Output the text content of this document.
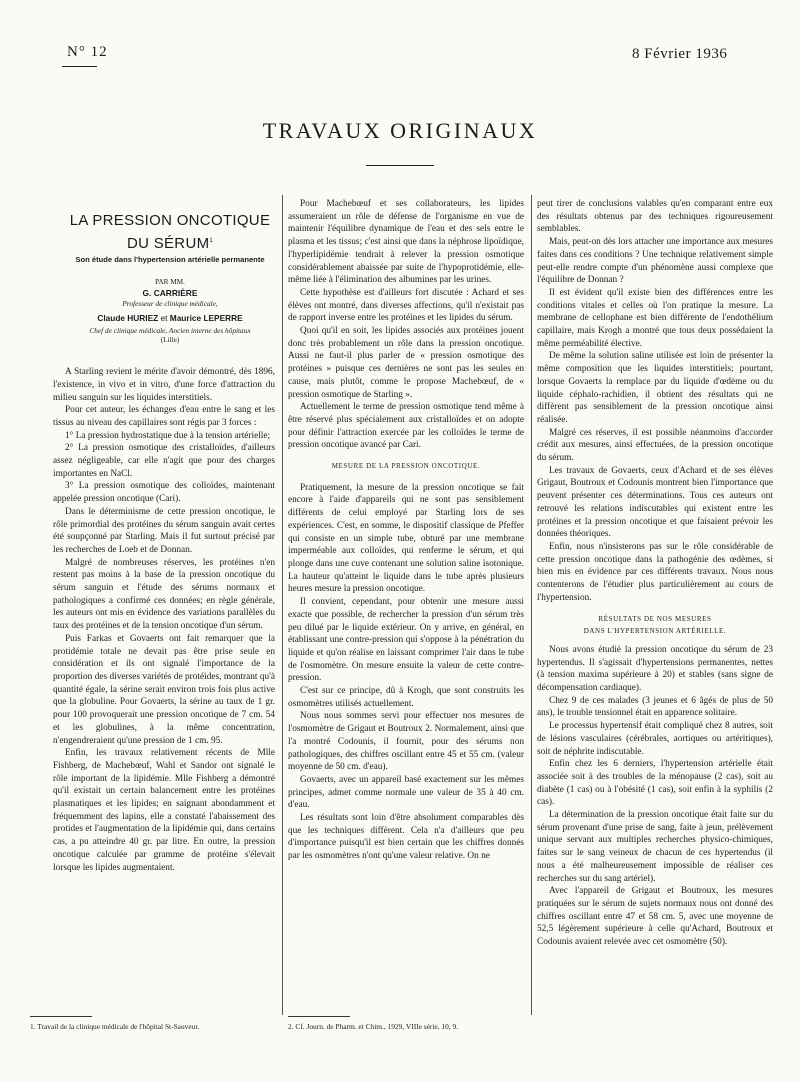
N° 12	8 Février 1936
TRAVAUX ORIGINAUX

LA PRESSION ONCOTIQUE

DU SÉRUM$^1$

Son étude dans l'hypertension artérielle permanente

PAR MM.

G. CARRIÈRE

Professeur de clinique médicale,

Claude HURIEZ et Maurice LEPERRE

Chef de clinique médicale, Ancien interne des hôpitaux

(Lille)

A Starling revient le mérite d'avoir démontré, dès 1896, l'existence, in vivo et in vitro, d'une force d'attraction du milieu sanguin sur les liquides interstitiels.

Pour cet auteur, les échanges d'eau entre le sang et les tissus au niveau des capillaires sont régis par 3 forces :

1° La pression hydrostatique due à la tension artérielle;

2° La pression osmotique des cristalloïdes, d'ailleurs assez négligeable, car elle n'agit que pour des charges importantes en NaCl.

3° La pression osmotique des colloïdes, maintenant appelée pression oncotique (Cari).

Dans le déterminisme de cette pression oncotique, le rôle primordial des protéines du sérum sanguin avait certes été soupçonné par Starling. Mais il fut surtout précisé par les recherches de Loeb et de Donnan.

Malgré de nombreuses réserves, les protéines n'en restent pas moins à la base de la pression oncotique du sérum sanguin et l'étude des sérums normaux et pathologiques a confirmé ces données; en règle générale, les auteurs ont mis en évidence des variations parallèles du taux des protéines et de la tension oncotique d'un sérum.

Puis Farkas et Govaerts ont fait remarquer que la protidémie totale ne devait pas être prise seule en considération et ils ont signalé l'importance de la proportion des diverses variétés de protéides, montrant qu'à quantité égale, la sérine serait environ trois fois plus active que la globuline. Pour Govaerts, la sérine au taux de 1 gr. pour 100 provoquerait une pression oncotique de 7 cm. 54 et les globulines, à la même concentration, n'engendreraient qu'une pression de 1 cm. 95.

Enfin, les travaux relativement récents de Mlle Fishberg, de Machebœuf, Wahl et Sandor ont signalé le rôle important de la lipidémie. Mlle Fishberg a démontré qu'il existait un certain balancement entre les protéines plasmatiques et les lipides; en saignant abondamment et fréquemment des lapins, elle a constaté l'abaissement des protides et l'augmentation de la lipidémie qui, dans certains cas, a pu atteindre 40 gr. par litre. En outre, la pression oncotique calculée par gramme de protéine s'élevait lorsque les lipides augmentaient.

1. Travail de la clinique médicale de l'hôpital St-Sauveur.

Pour Machebœuf et ses collaborateurs, les lipides assumeraient un rôle de défense de l'organisme en vue de maintenir l'équilibre dynamique de l'eau et des sels entre le plasma et les tissus; c'est ainsi que dans la néphrose lipoïdique, l'hyperlipidémie tendrait à relever la pression osmotique considérablement abaissée par suite de l'hypoprotidémie, elle-même liée à l'élimination des albumines par les urines.

Cette hypothèse est d'ailleurs fort discutée : Achard et ses élèves ont montré, dans diverses affections, qu'il n'existait pas de rapport inverse entre les protéines et les lipides du sérum.

Quoi qu'il en soit, les lipides associés aux protéines jouent donc très probablement un rôle dans la pression oncotique. Aussi ne faut-il plus parler de « pression osmotique des protéines » puisque ces dernières ne sont pas les seules en cause, mais plutôt, comme le propose Machebœuf, de « pression osmotique de Starling ».

Actuellement le terme de pression osmotique tend même à être réservé plus spécialement aux cristalloïdes et on adopte pour définir l'attraction exercée par les colloïdes le terme de pression oncotique avancé par Cari.

MESURE DE LA PRESSION ONCOTIQUE.

Pratiquement, la mesure de la pression oncotique se fait encore à l'aide d'appareils qui ne sont pas sensiblement différents de celui employé par Starling lors de ses expériences. C'est, en somme, le dispositif classique de Pfeffer qui consiste en un simple tube, obturé par une membrane imperméable aux colloïdes, qui renferme le sérum, et qui plonge dans une cuve contenant une solution saline isotonique. La hauteur qu'atteint le liquide dans le tube après plusieurs heures mesure la pression oncotique.

Il convient, cependant, pour obtenir une mesure aussi exacte que possible, de rechercher la pression d'un sérum très peu dilué par le liquide extérieur. On y arrive, en général, en établissant une contre-pression qui s'oppose à la pénétration du liquide et qu'on réalise en laissant comprimer l'air dans le tube de l'osmomètre. On mesure ensuite la valeur de cette contre-pression.

C'est sur ce principe, dû à Krogh, que sont construits les osmomètres utilisés actuellement.

Nous nous sommes servi pour effectuer nos mesures de l'osmomètre de Grigaut et Boutroux 2. Normalement, ainsi que l'a montré Codounis, il fournit, pour des sérums non pathologiques, des chiffres oscillant entre 45 et 55 cm. (valeur moyenne de 50 cm. d'eau).

Govaerts, avec un appareil basé exactement sur les mêmes principes, admet comme normale une valeur de 35 à 40 cm. d'eau.

Les résultats sont loin d'être absolument comparables dès que les techniques diffèrent. Cela n'a d'ailleurs que peu d'importance puisqu'il est bien certain que les chiffres donnés par les osmomètres n'ont qu'une valeur relative. On ne

2. Cf. Journ. de Pharm. et Chim., 1929, VIIIe série, 10, 9.

peut tirer de conclusions valables qu'en comparant entre eux des résultats obtenus par des techniques rigoureusement semblables.

Mais, peut-on dès lors attacher une importance aux mesures faites dans ces conditions ? Une technique relativement simple peut-elle rendre compte d'un phénomène aussi complexe que l'équilibre de Donnan ?

Il est évident qu'il existe bien des différences entre les conditions vitales et celles où l'on pratique la mesure. La membrane de cellophane est bien différente de l'endothélium capillaire, mais Krogh a montré que tous deux possédaient la même perméabilité élective.

De même la solution saline utilisée est loin de présenter la même composition que les liquides interstitiels; pourtant, lorsque Govaerts la remplace par du liquide d'œdème ou du liquide céphalo-rachidien, il obtient des résultats qui ne diffèrent pas sensiblement de la pression oncotique ainsi réalisée.

Malgré ces réserves, il est possible néanmoins d'accorder crédit aux mesures, ainsi effectuées, de la pression oncotique du sérum.

Les travaux de Govaerts, ceux d'Achard et de ses élèves Grigaut, Boutroux et Codounis montrent bien l'importance que peuvent présenter ces déterminations. Tous ces auteurs ont retrouvé les relations indiscutables qui existent entre les protéines et la pression oncotique et que faisaient prévoir les données théoriques.

Enfin, nous n'insisterons pas sur le rôle considérable de cette pression oncotique dans la pathogénie des œdèmes, si bien mis en évidence par ces différents travaux. Nous nous contenterons de l'étudier plus particulièrement au cours de l'hypertension.

RÉSULTATS DE NOS MESURES
DANS L'HYPERTENSION ARTÉRIELLE.

Nous avons étudié la pression oncotique du sérum de 23 hypertendus. Il s'agissait d'hypertensions permanentes, nettes (à tension maxima supérieure à 20) et stables (sans signe de décompensation cardiaque).

Chez 9 de ces malades (3 jeunes et 6 âgés de plus de 50 ans), le trouble tensionnel était en apparence solitaire.

Le processus hypertensif était compliqué chez 8 autres, soit de lésions vasculaires (cérébrales, aortiques ou artéritiques), soit de néphrite indiscutable.

Enfin chez les 6 derniers, l'hypertension artérielle était associée soit à des troubles de la ménopause (2 cas), soit au diabète (1 cas) ou à l'obésité (1 cas), soit enfin à la syphilis (2 cas).

La détermination de la pression oncotique était faite sur du sérum provenant d'une prise de sang, faite à jeun, prélèvement unique servant aux multiples recherches physico-chimiques, faites sur le sang veineux de chacun de ces hypertendus (il nous a été malheureusement impossible de réaliser ces recherches sur du sang artériel).

Avec l'appareil de Grigaut et Boutroux, les mesures pratiquées sur le sérum de sujets normaux nous ont donné des chiffres oscillant entre 47 et 58 cm. 5, avec une moyenne de 52,5 légèrement supérieure à celle qu'Achard, Boutroux et Codounis avaient relevée avec cet osmomètre (50).
